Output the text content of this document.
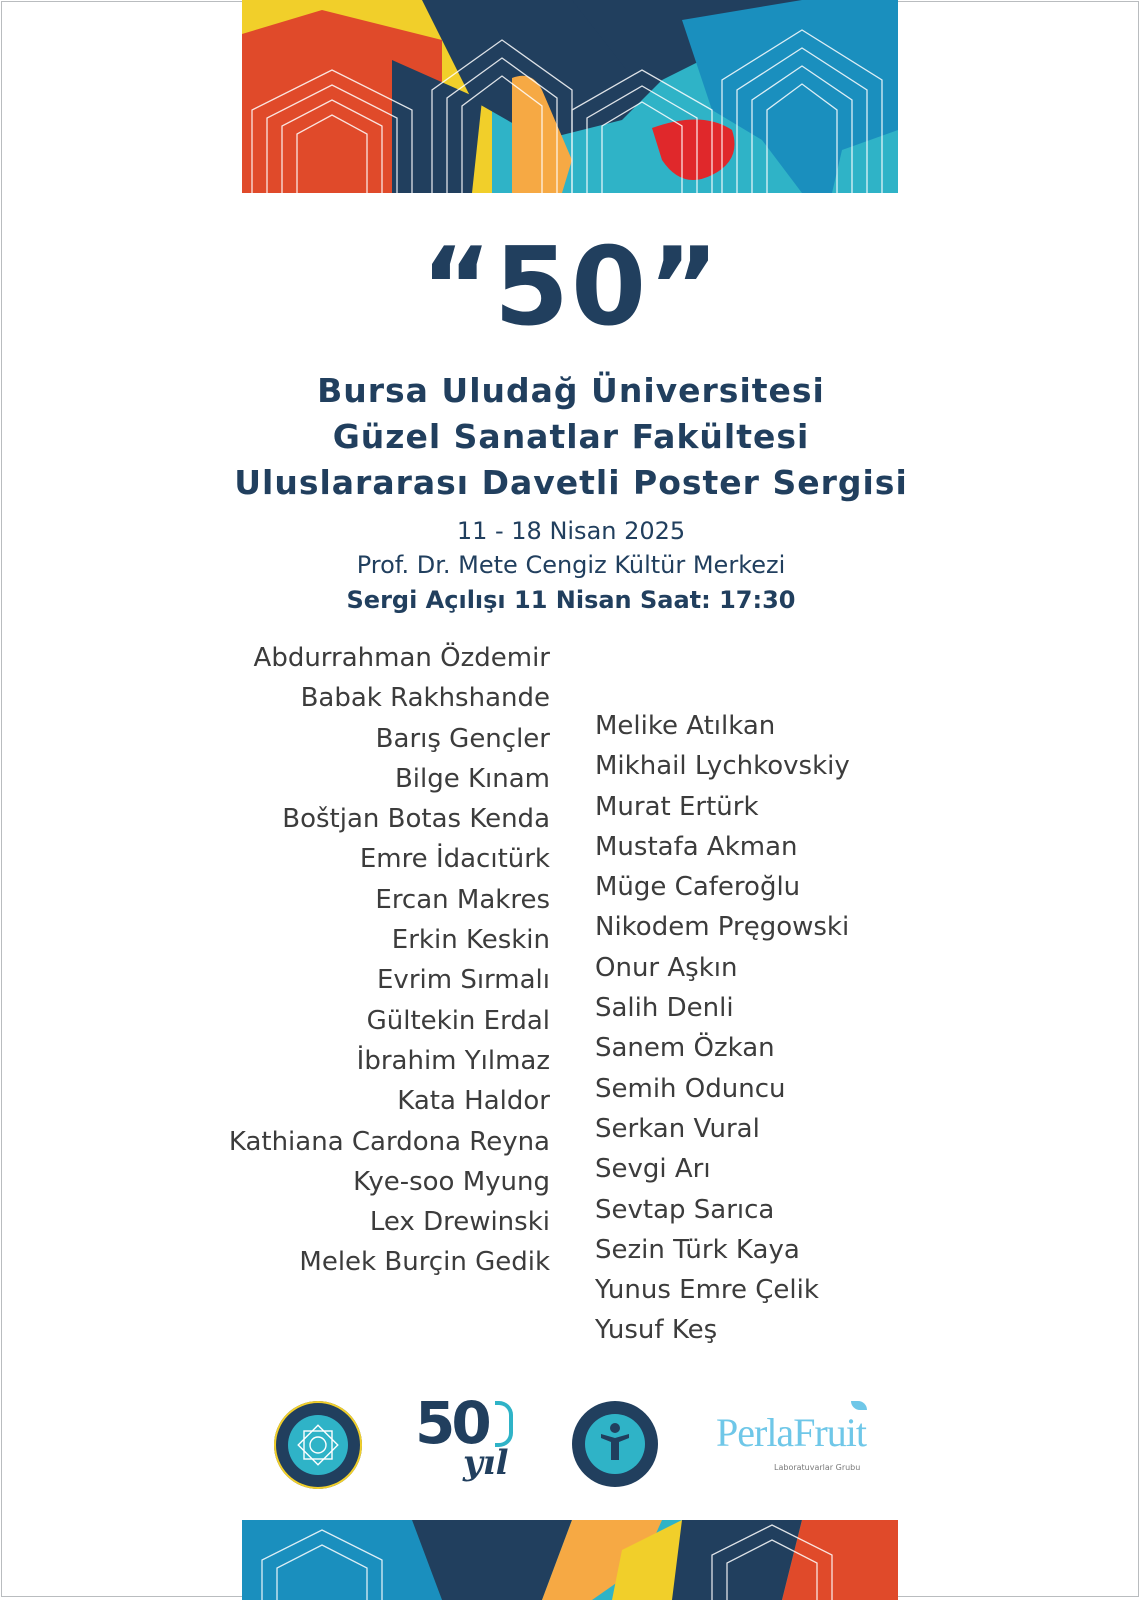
“50”
Bursa Uludağ Üniversitesi
Güzel Sanatlar Fakültesi
Uluslararası Davetli Poster Sergisi
11 - 18 Nisan 2025
Prof. Dr. Mete Cengiz Kültür Merkezi
Sergi Açılışı 11 Nisan Saat: 17:30
Abdurrahman Özdemir
Babak Rakhshande
Barış Gençler
Bilge Kınam
Boštjan Botas Kenda
Emre İdacıtürk
Ercan Makres
Erkin Keskin
Evrim Sırmalı
Gültekin Erdal
İbrahim Yılmaz
Kata Haldor
Kathiana Cardona Reyna
Kye-soo Myung
Lex Drewinski
Melek Burçin Gedik
Melike Atılkan
Mikhail Lychkovskiy
Murat Ertürk
Mustafa Akman
Müge Caferoğlu
Nikodem Pręgowski
Onur Aşkın
Salih Denli
Sanem Özkan
Semih Oduncu
Serkan Vural
Sevgi Arı
Sevtap Sarıca
Sezin Türk Kaya
Yunus Emre Çelik
Yusuf Keş
50
yıl
PerlaFruit
Laboratuvarlar Grubu
